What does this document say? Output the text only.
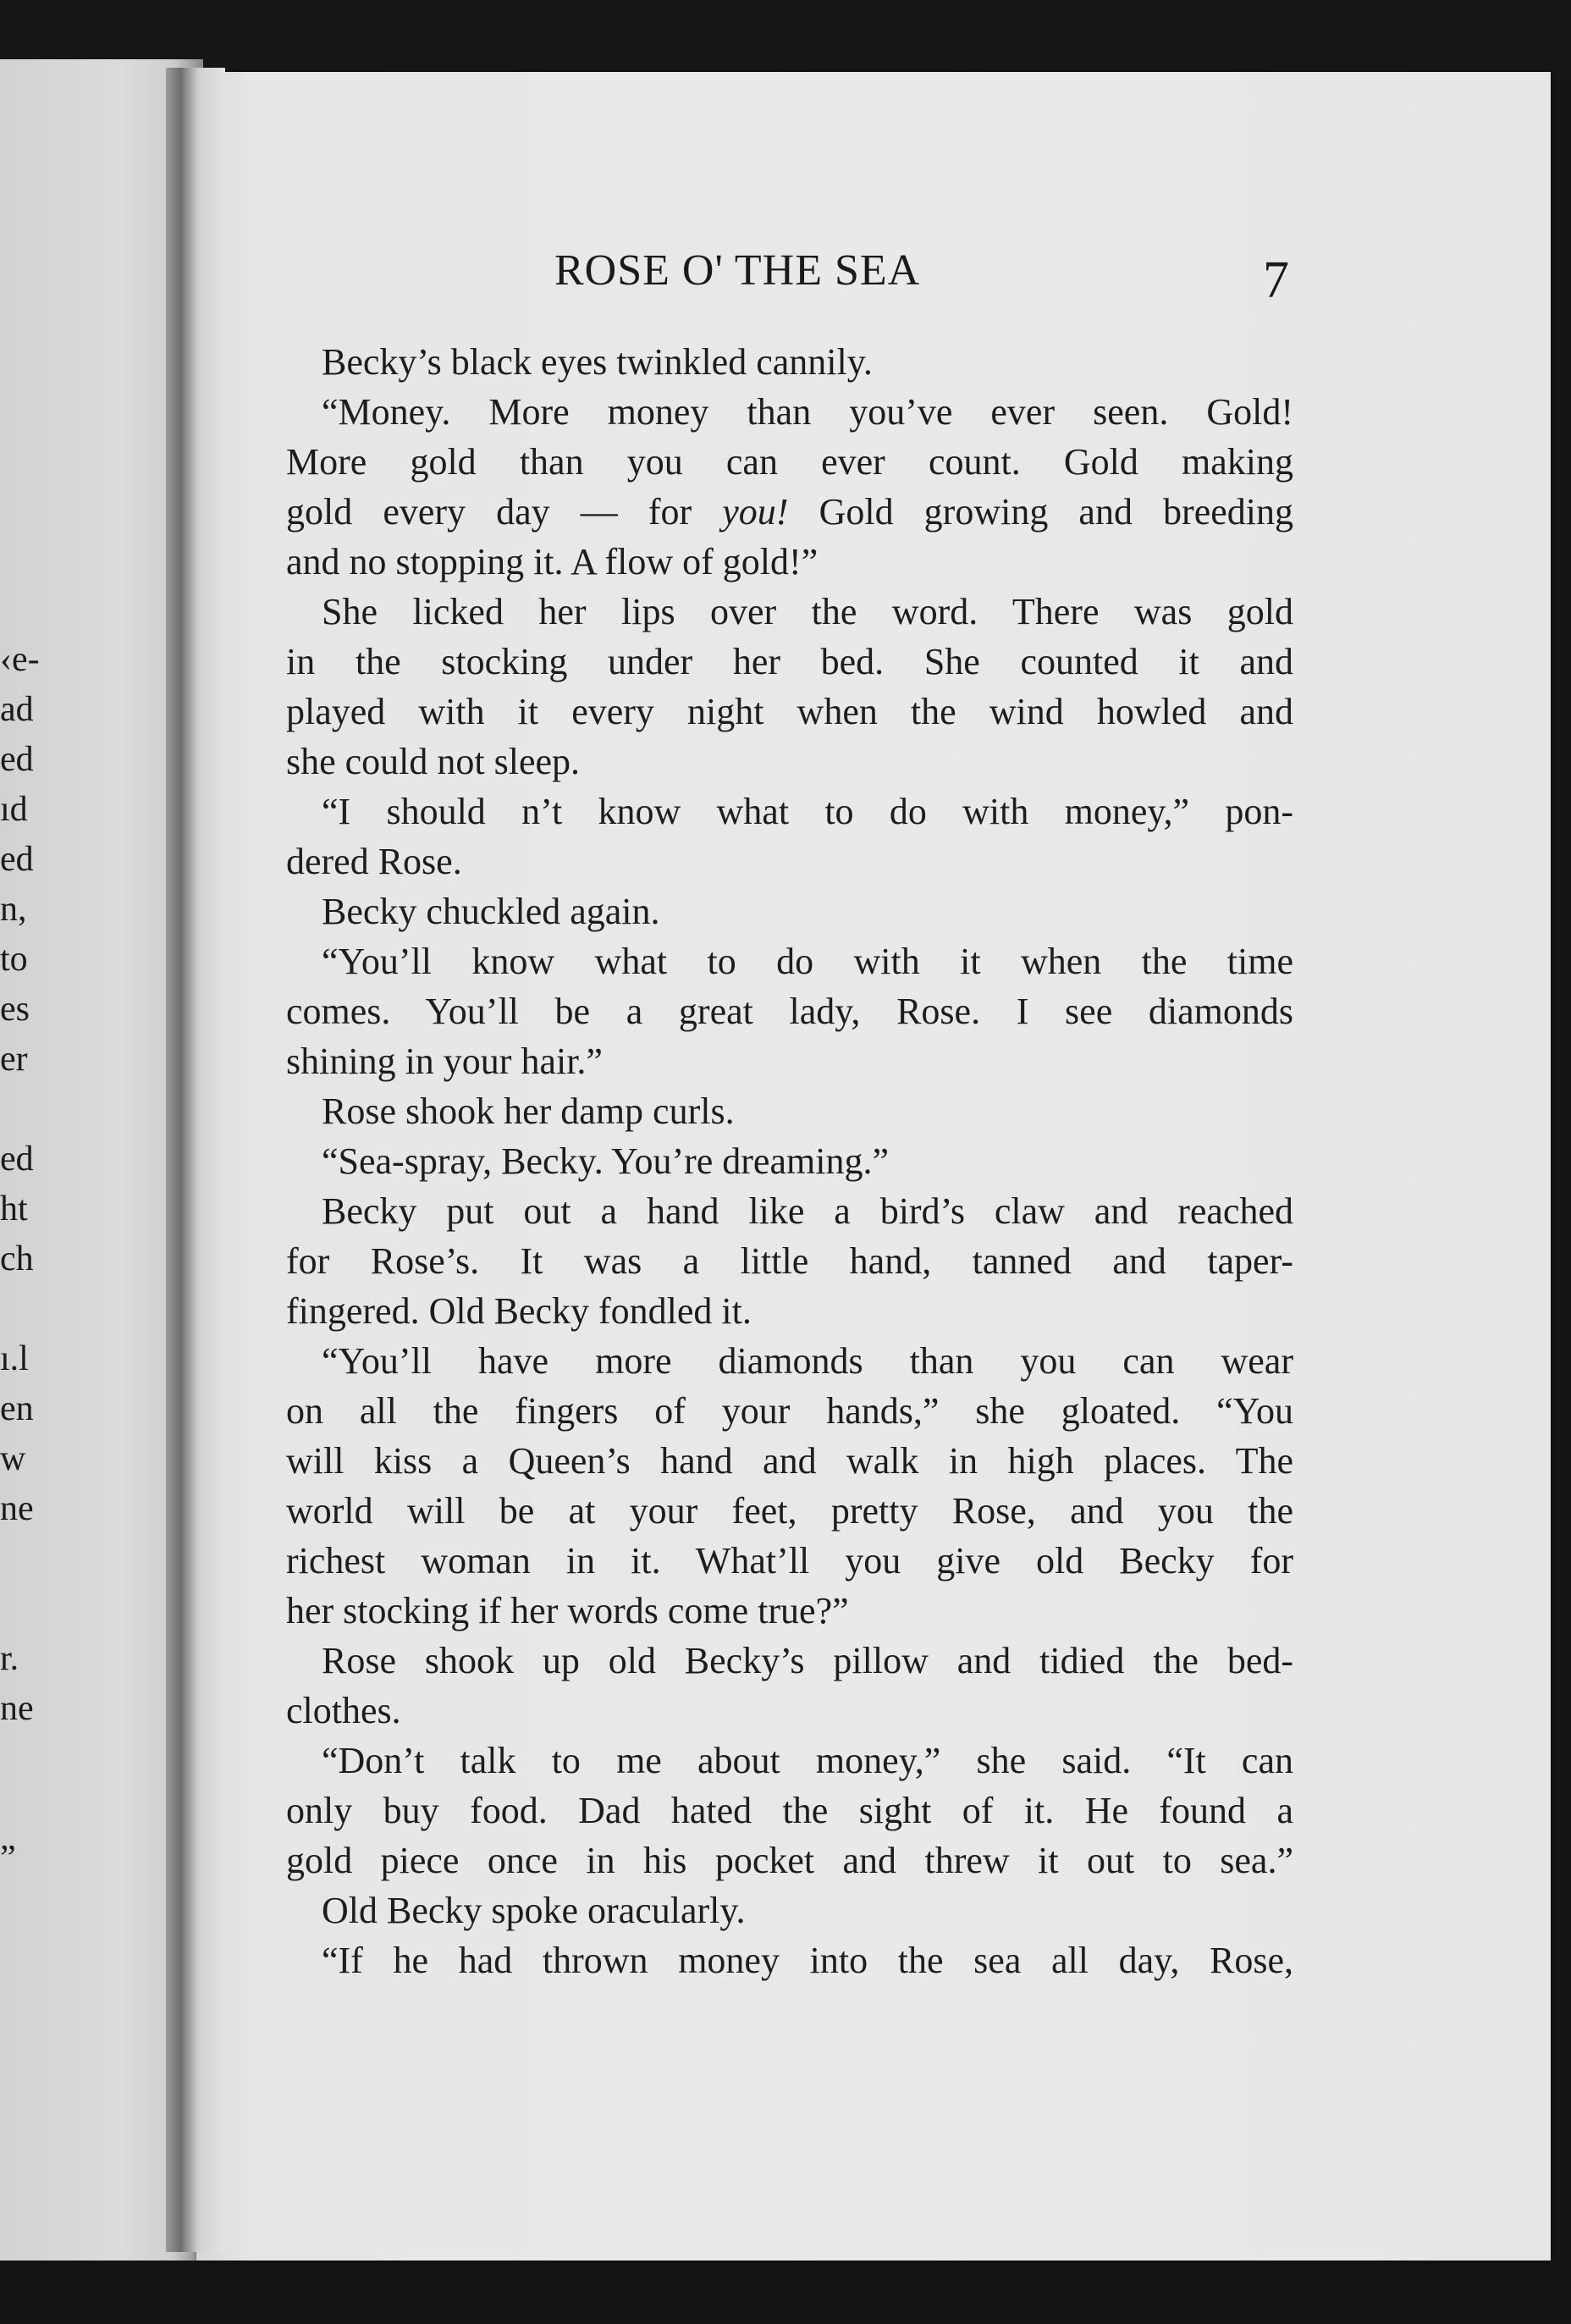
‹e-
ad
ed
ıd
ed
n,
to
es
er
ed
ht
ch
ı.l
en
w
ne
r.
ne
”
ROSE O' THE SEA	7
Becky’s black eyes twinkled cannily.
“Money. More money than you’ve ever seen. Gold!
More gold than you can ever count. Gold making
gold every day — for you! Gold growing and breeding
and no stopping it. A flow of gold!”
She licked her lips over the word. There was gold
in the stocking under her bed. She counted it and
played with it every night when the wind howled and
she could not sleep.
“I should n’t know what to do with money,” pon-
dered Rose.
Becky chuckled again.
“You’ll know what to do with it when the time
comes. You’ll be a great lady, Rose. I see diamonds
shining in your hair.”
Rose shook her damp curls.
“Sea-spray, Becky. You’re dreaming.”
Becky put out a hand like a bird’s claw and reached
for Rose’s. It was a little hand, tanned and taper-
fingered. Old Becky fondled it.
“You’ll have more diamonds than you can wear
on all the fingers of your hands,” she gloated. “You
will kiss a Queen’s hand and walk in high places. The
world will be at your feet, pretty Rose, and you the
richest woman in it. What’ll you give old Becky for
her stocking if her words come true?”
Rose shook up old Becky’s pillow and tidied the bed-
clothes.
“Don’t talk to me about money,” she said. “It can
only buy food. Dad hated the sight of it. He found a
gold piece once in his pocket and threw it out to sea.”
Old Becky spoke oracularly.
“If he had thrown money into the sea all day, Rose,
